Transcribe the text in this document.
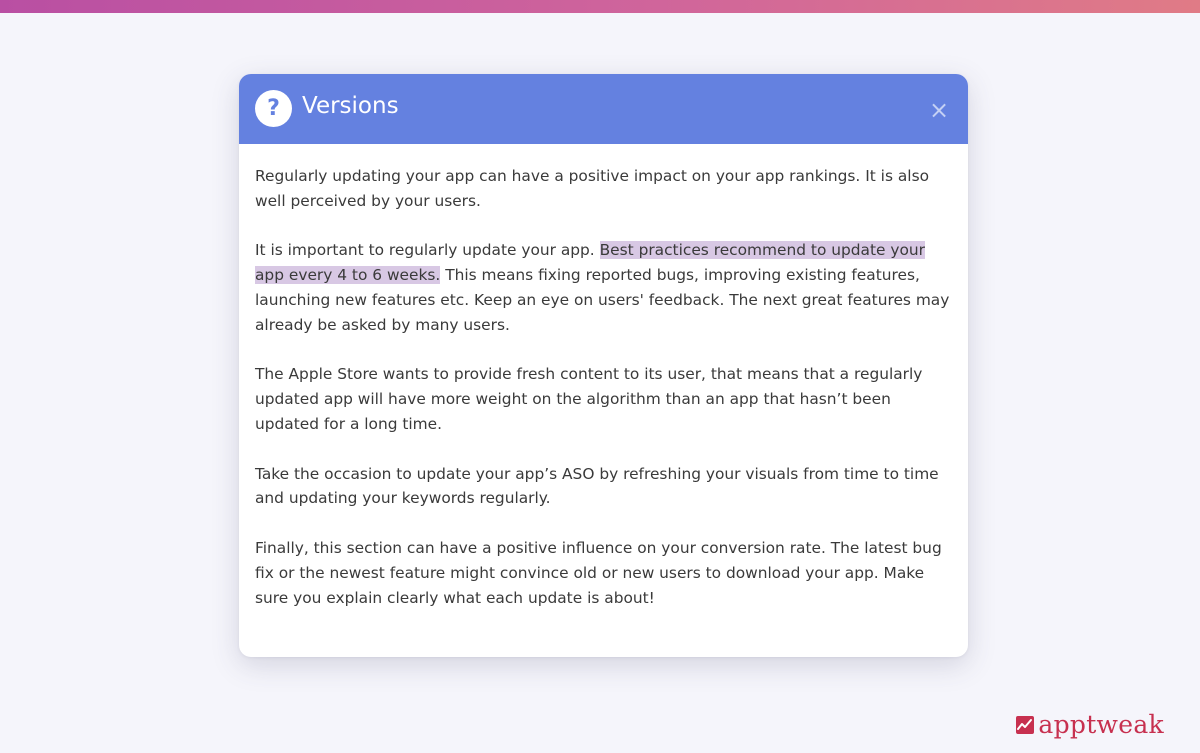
? Versions	×

Regularly updating your app can have a positive impact on your app rankings. It is also well perceived by your users.

It is important to regularly update your app. Best practices recommend to update your app every 4 to 6 weeks. This means fixing reported bugs, improving existing features, launching new features etc. Keep an eye on users' feedback. The next great features may already be asked by many users.

The Apple Store wants to provide fresh content to its user, that means that a regularly updated app will have more weight on the algorithm than an app that hasn’t been updated for a long time.

Take the occasion to update your app’s ASO by refreshing your visuals from time to time and updating your keywords regularly.

Finally, this section can have a positive influence on your conversion rate. The latest bug fix or the newest feature might convince old or new users to download your app. Make sure you explain clearly what each update is about!

apptweak
